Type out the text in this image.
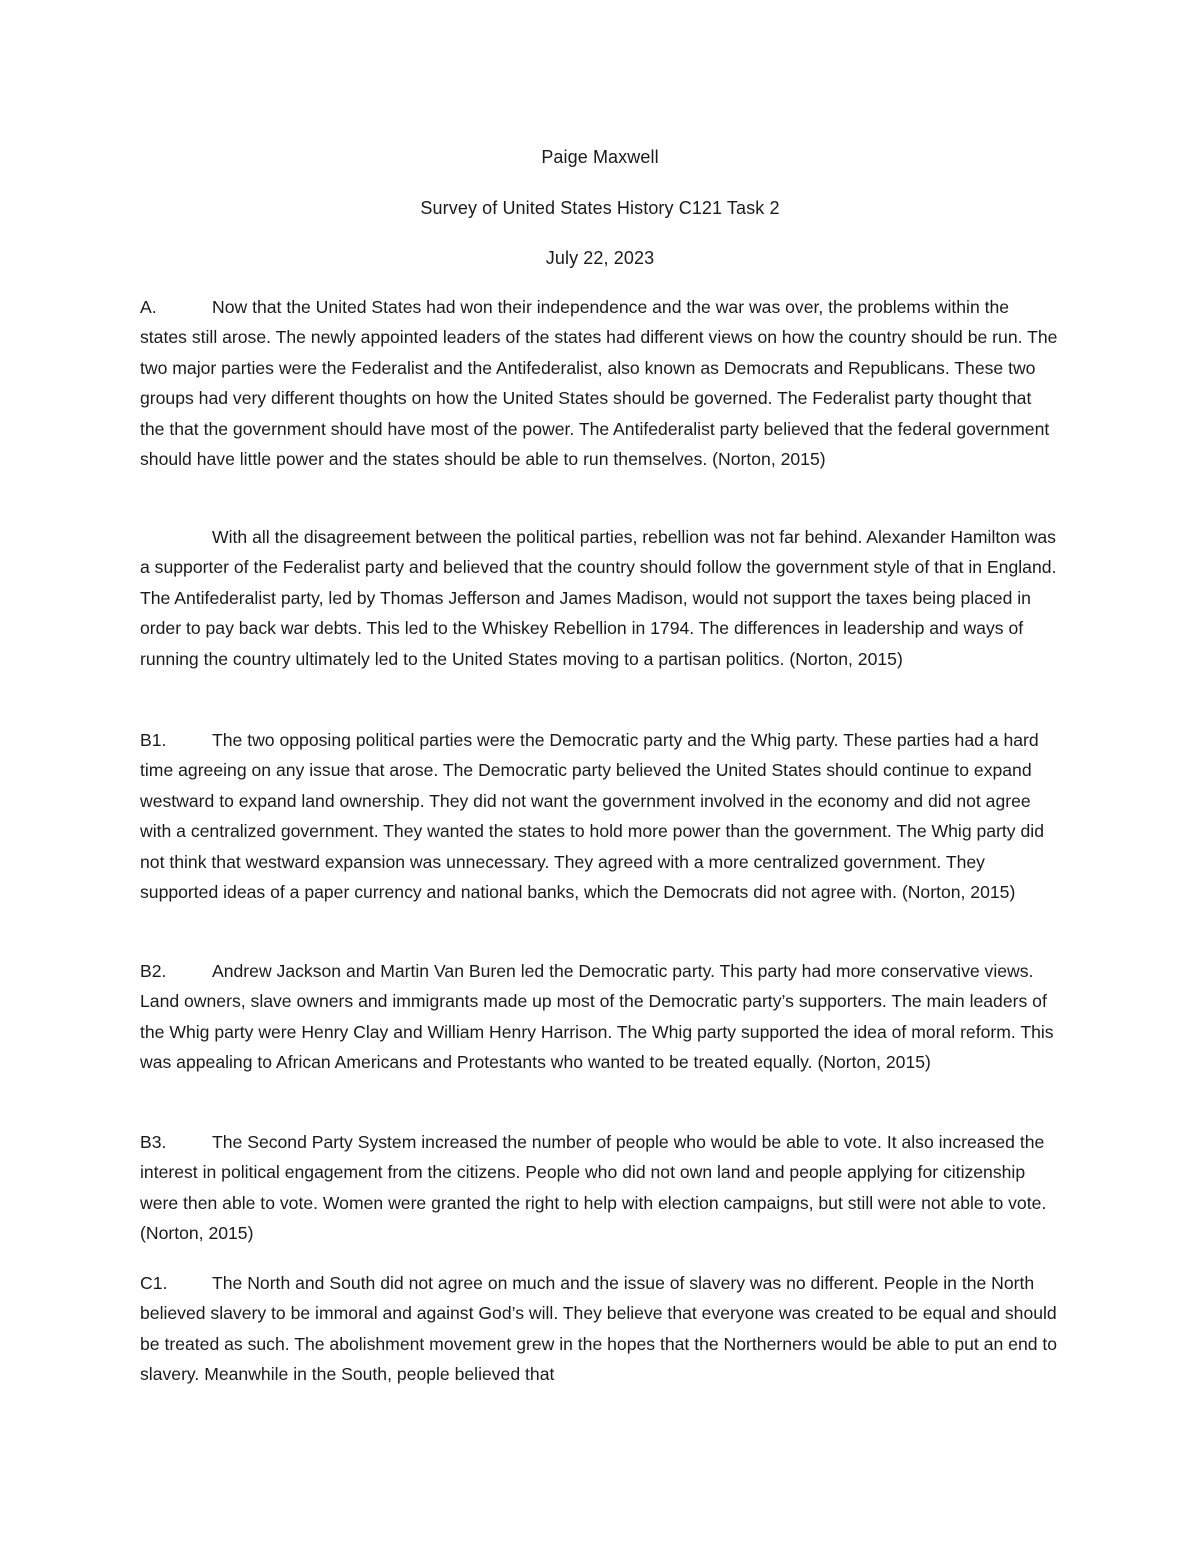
Paige Maxwell
Survey of United States History C121 Task 2
July 22, 2023

A.	Now that the United States had won their independence and the war was over, the problems within the states still arose. The newly appointed leaders of the states had different views on how the country should be run. The two major parties were the Federalist and the Antifederalist, also known as Democrats and Republicans. These two groups had very different thoughts on how the United States should be governed. The Federalist party thought that the that the government should have most of the power. The Antifederalist party believed that the federal government should have little power and the states should be able to run themselves. (Norton, 2015)

With all the disagreement between the political parties, rebellion was not far behind. Alexander Hamilton was a supporter of the Federalist party and believed that the country should follow the government style of that in England. The Antifederalist party, led by Thomas Jefferson and James Madison, would not support the taxes being placed in order to pay back war debts. This led to the Whiskey Rebellion in 1794. The differences in leadership and ways of running the country ultimately led to the United States moving to a partisan politics. (Norton, 2015)

B1.	The two opposing political parties were the Democratic party and the Whig party. These parties had a hard time agreeing on any issue that arose. The Democratic party believed the United States should continue to expand westward to expand land ownership. They did not want the government involved in the economy and did not agree with a centralized government. They wanted the states to hold more power than the government. The Whig party did not think that westward expansion was unnecessary. They agreed with a more centralized government. They supported ideas of a paper currency and national banks, which the Democrats did not agree with. (Norton, 2015)

B2.	Andrew Jackson and Martin Van Buren led the Democratic party. This party had more conservative views. Land owners, slave owners and immigrants made up most of the Democratic party’s supporters. The main leaders of the Whig party were Henry Clay and William Henry Harrison. The Whig party supported the idea of moral reform. This was appealing to African Americans and Protestants who wanted to be treated equally. (Norton, 2015)

B3.	The Second Party System increased the number of people who would be able to vote. It also increased the interest in political engagement from the citizens. People who did not own land and people applying for citizenship were then able to vote. Women were granted the right to help with election campaigns, but still were not able to vote. (Norton, 2015)

C1.	The North and South did not agree on much and the issue of slavery was no different. People in the North believed slavery to be immoral and against God’s will. They believe that everyone was created to be equal and should be treated as such. The abolishment movement grew in the hopes that the Northerners would be able to put an end to slavery. Meanwhile in the South, people believed that
